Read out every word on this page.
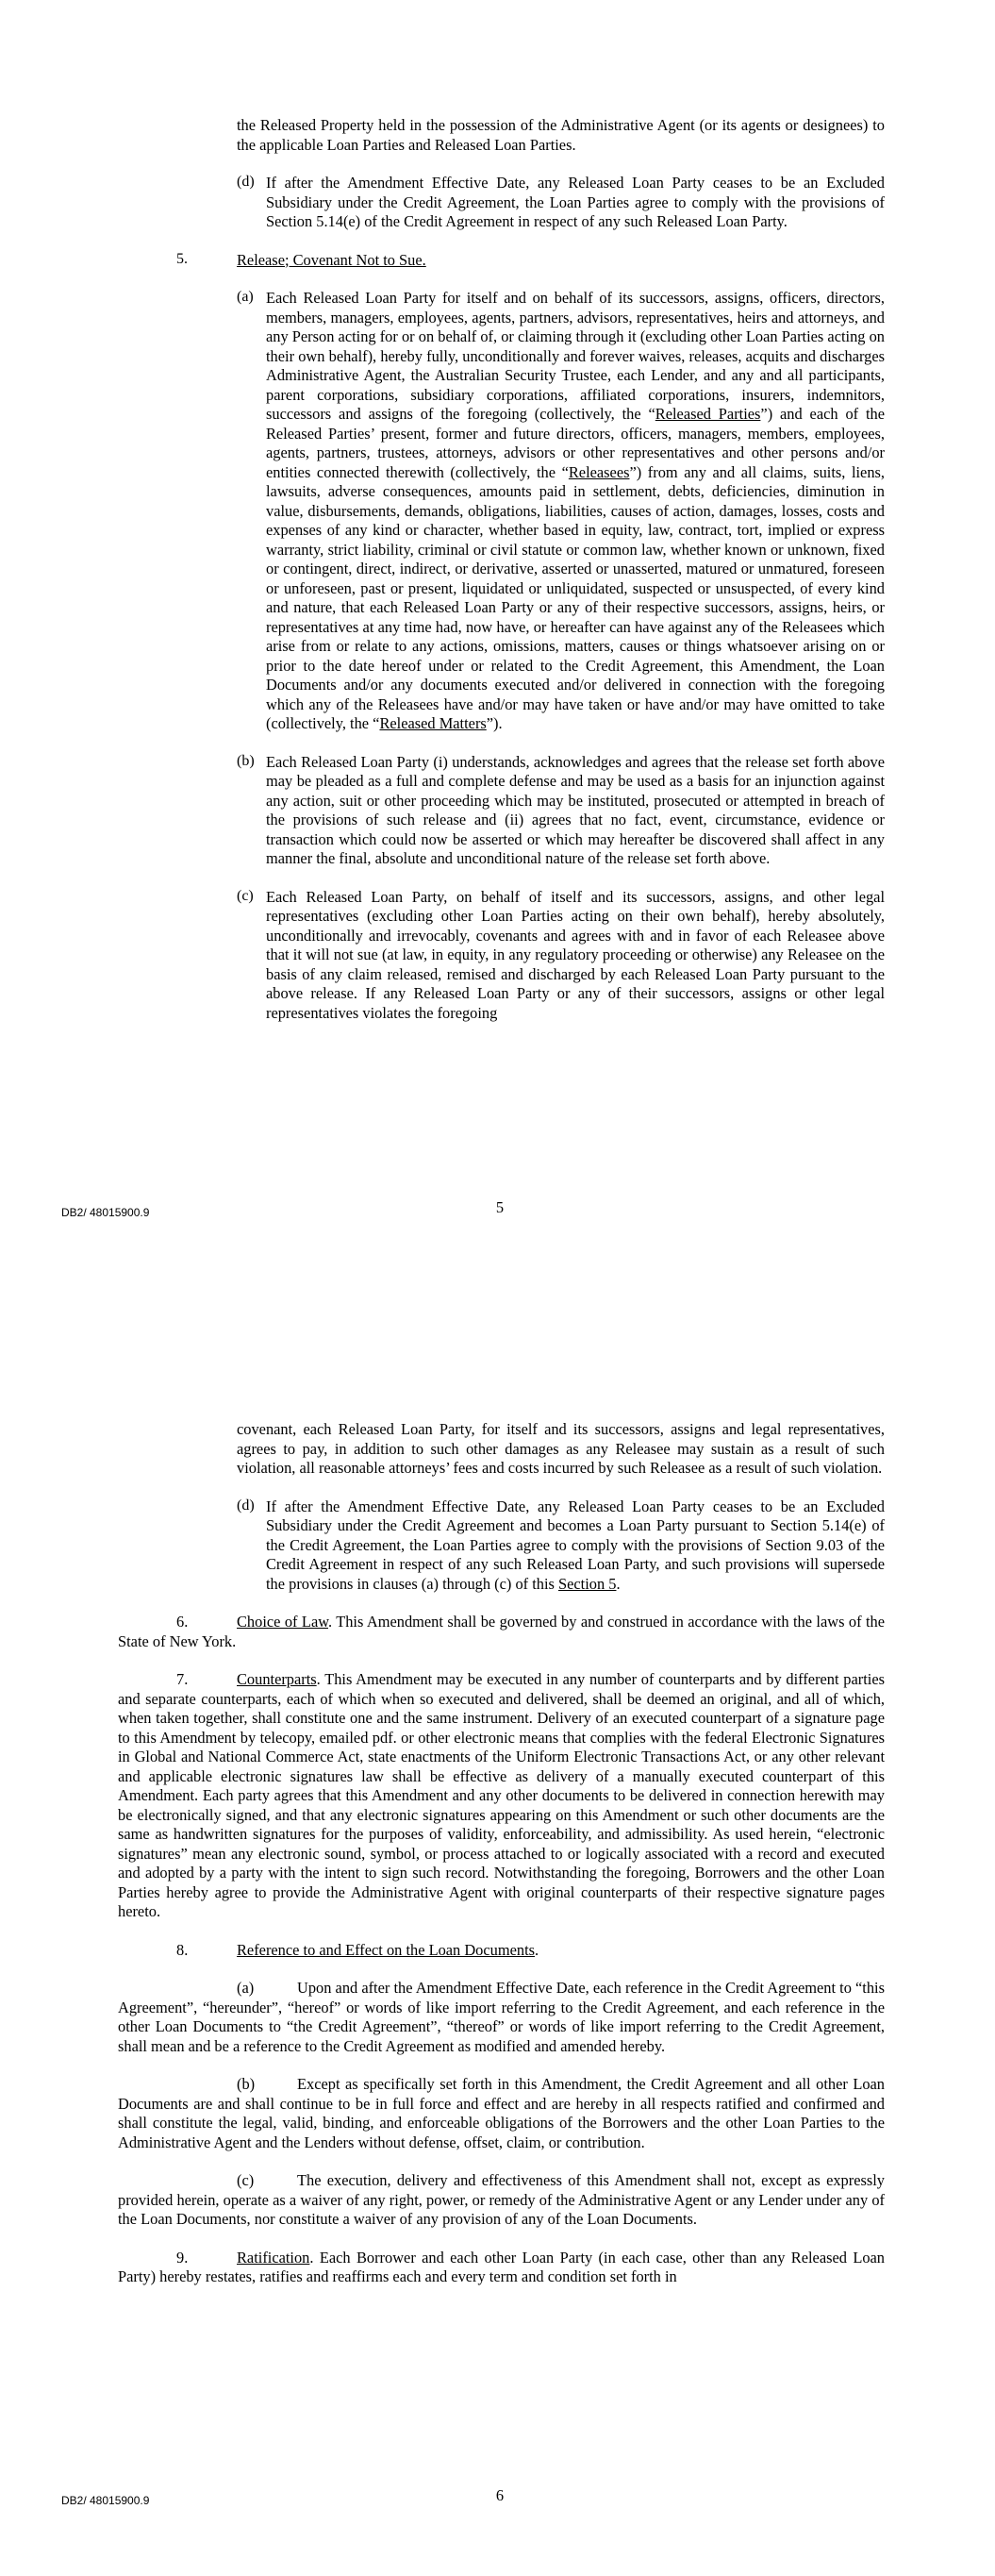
the Released Property held in the possession of the Administrative Agent (or its agents or designees) to the applicable Loan Parties and Released Loan Parties.

(d) If after the Amendment Effective Date, any Released Loan Party ceases to be an Excluded Subsidiary under the Credit Agreement, the Loan Parties agree to comply with the provisions of Section 5.14(e) of the Credit Agreement in respect of any such Released Loan Party.

5.	Release; Covenant Not to Sue.

(a) Each Released Loan Party for itself and on behalf of its successors, assigns, officers, directors, members, managers, employees, agents, partners, advisors, representatives, heirs and attorneys, and any Person acting for or on behalf of, or claiming through it (excluding other Loan Parties acting on their own behalf), hereby fully, unconditionally and forever waives, releases, acquits and discharges Administrative Agent, the Australian Security Trustee, each Lender, and any and all participants, parent corporations, subsidiary corporations, affiliated corporations, insurers, indemnitors, successors and assigns of the foregoing (collectively, the “Released Parties”) and each of the Released Parties’ present, former and future directors, officers, managers, members, employees, agents, partners, trustees, attorneys, advisors or other representatives and other persons and/or entities connected therewith (collectively, the “Releasees”) from any and all claims, suits, liens, lawsuits, adverse consequences, amounts paid in settlement, debts, deficiencies, diminution in value, disbursements, demands, obligations, liabilities, causes of action, damages, losses, costs and expenses of any kind or character, whether based in equity, law, contract, tort, implied or express warranty, strict liability, criminal or civil statute or common law, whether known or unknown, fixed or contingent, direct, indirect, or derivative, asserted or unasserted, matured or unmatured, foreseen or unforeseen, past or present, liquidated or unliquidated, suspected or unsuspected, of every kind and nature, that each Released Loan Party or any of their respective successors, assigns, heirs, or representatives at any time had, now have, or hereafter can have against any of the Releasees which arise from or relate to any actions, omissions, matters, causes or things whatsoever arising on or prior to the date hereof under or related to the Credit Agreement, this Amendment, the Loan Documents and/or any documents executed and/or delivered in connection with the foregoing which any of the Releasees have and/or may have taken or have and/or may have omitted to take (collectively, the “Released Matters”).

(b) Each Released Loan Party (i) understands, acknowledges and agrees that the release set forth above may be pleaded as a full and complete defense and may be used as a basis for an injunction against any action, suit or other proceeding which may be instituted, prosecuted or attempted in breach of the provisions of such release and (ii) agrees that no fact, event, circumstance, evidence or transaction which could now be asserted or which may hereafter be discovered shall affect in any manner the final, absolute and unconditional nature of the release set forth above.

(c) Each Released Loan Party, on behalf of itself and its successors, assigns, and other legal representatives (excluding other Loan Parties acting on their own behalf), hereby absolutely, unconditionally and irrevocably, covenants and agrees with and in favor of each Releasee above that it will not sue (at law, in equity, in any regulatory proceeding or otherwise) any Releasee on the basis of any claim released, remised and discharged by each Released Loan Party pursuant to the above release. If any Released Loan Party or any of their successors, assigns or other legal representatives violates the foregoing

DB2/ 48015900.9	5

covenant, each Released Loan Party, for itself and its successors, assigns and legal representatives, agrees to pay, in addition to such other damages as any Releasee may sustain as a result of such violation, all reasonable attorneys’ fees and costs incurred by such Releasee as a result of such violation.

(d) If after the Amendment Effective Date, any Released Loan Party ceases to be an Excluded Subsidiary under the Credit Agreement and becomes a Loan Party pursuant to Section 5.14(e) of the Credit Agreement, the Loan Parties agree to comply with the provisions of Section 9.03 of the Credit Agreement in respect of any such Released Loan Party, and such provisions will supersede the provisions in clauses (a) through (c) of this Section 5.

6.	Choice of Law. This Amendment shall be governed by and construed in accordance with the laws of the State of New York.

7.	Counterparts. This Amendment may be executed in any number of counterparts and by different parties and separate counterparts, each of which when so executed and delivered, shall be deemed an original, and all of which, when taken together, shall constitute one and the same instrument. Delivery of an executed counterpart of a signature page to this Amendment by telecopy, emailed pdf. or other electronic means that complies with the federal Electronic Signatures in Global and National Commerce Act, state enactments of the Uniform Electronic Transactions Act, or any other relevant and applicable electronic signatures law shall be effective as delivery of a manually executed counterpart of this Amendment. Each party agrees that this Amendment and any other documents to be delivered in connection herewith may be electronically signed, and that any electronic signatures appearing on this Amendment or such other documents are the same as handwritten signatures for the purposes of validity, enforceability, and admissibility. As used herein, “electronic signatures” mean any electronic sound, symbol, or process attached to or logically associated with a record and executed and adopted by a party with the intent to sign such record. Notwithstanding the foregoing, Borrowers and the other Loan Parties hereby agree to provide the Administrative Agent with original counterparts of their respective signature pages hereto.

8.	Reference to and Effect on the Loan Documents.

(a)	Upon and after the Amendment Effective Date, each reference in the Credit Agreement to “this Agreement”, “hereunder”, “hereof” or words of like import referring to the Credit Agreement, and each reference in the other Loan Documents to “the Credit Agreement”, “thereof” or words of like import referring to the Credit Agreement, shall mean and be a reference to the Credit Agreement as modified and amended hereby.

(b)	Except as specifically set forth in this Amendment, the Credit Agreement and all other Loan Documents are and shall continue to be in full force and effect and are hereby in all respects ratified and confirmed and shall constitute the legal, valid, binding, and enforceable obligations of the Borrowers and the other Loan Parties to the Administrative Agent and the Lenders without defense, offset, claim, or contribution.

(c)	The execution, delivery and effectiveness of this Amendment shall not, except as expressly provided herein, operate as a waiver of any right, power, or remedy of the Administrative Agent or any Lender under any of the Loan Documents, nor constitute a waiver of any provision of any of the Loan Documents.

9.	Ratification. Each Borrower and each other Loan Party (in each case, other than any Released Loan Party) hereby restates, ratifies and reaffirms each and every term and condition set forth in

DB2/ 48015900.9	6
